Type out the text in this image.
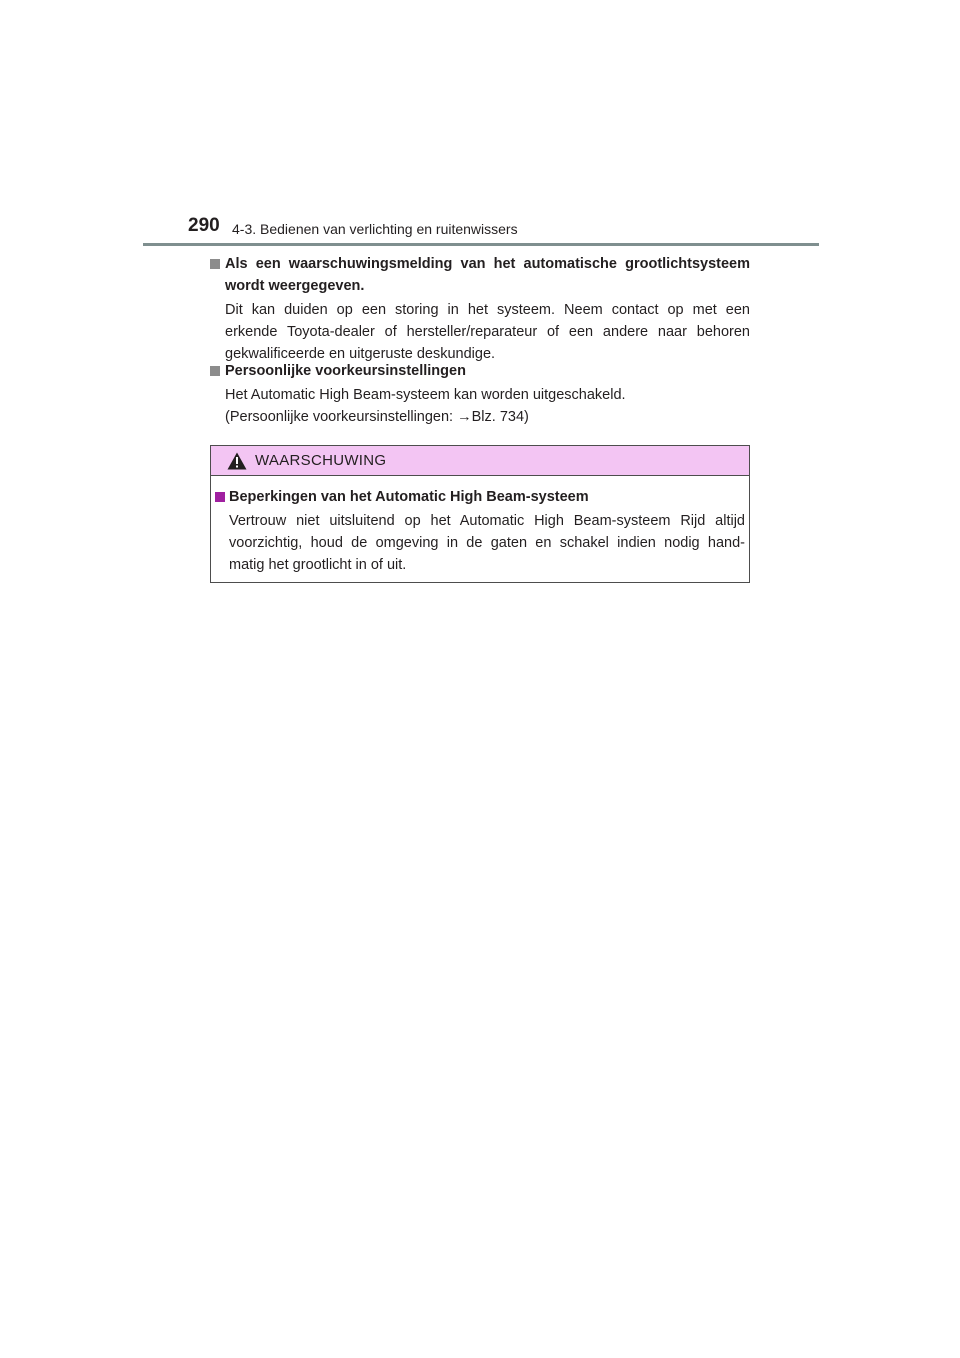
290 4-3. Bedienen van verlichting en ruitenwissers
Als een waarschuwingsmelding van het automatische grootlichtsysteem
wordt weergegeven.
Dit kan duiden op een storing in het systeem. Neem contact op met een
erkende Toyota-dealer of hersteller/reparateur of een andere naar behoren
gekwalificeerde en uitgeruste deskundige.
Persoonlijke voorkeursinstellingen
Het Automatic High Beam-systeem kan worden uitgeschakeld.
(Persoonlijke voorkeursinstellingen: →Blz. 734)
WAARSCHUWING
Beperkingen van het Automatic High Beam-systeem
Vertrouw niet uitsluitend op het Automatic High Beam-systeem Rijd altijd
voorzichtig, houd de omgeving in de gaten en schakel indien nodig hand-
matig het grootlicht in of uit.
